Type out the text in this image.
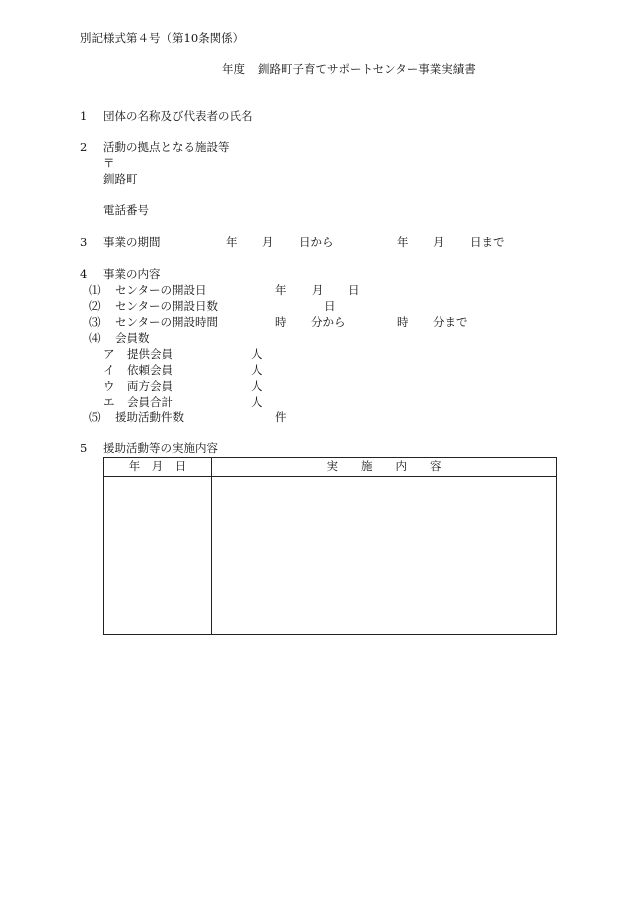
別記様式第４号（第10条関係）
年度 釧路町子育てサポートセンター事業実績書
1 団体の名称及び代表者の氏名
2 活動の拠点となる施設等
〒
釧路町
電話番号
3 事業の期間	年 月 日から	年 月 日まで
4 事業の内容
⑴ センターの開設日	年 月 日
⑵ センターの開設日数	日
⑶ センターの開設時間	時 分から	時 分まで
⑷ 会員数
ア 提供会員	人
イ 依頼会員	人
ウ 両方会員	人
エ 会員合計	人
⑸ 援助活動件数	件
5 援助活動等の実施内容
年　月　日	実　　施　　内　　容
